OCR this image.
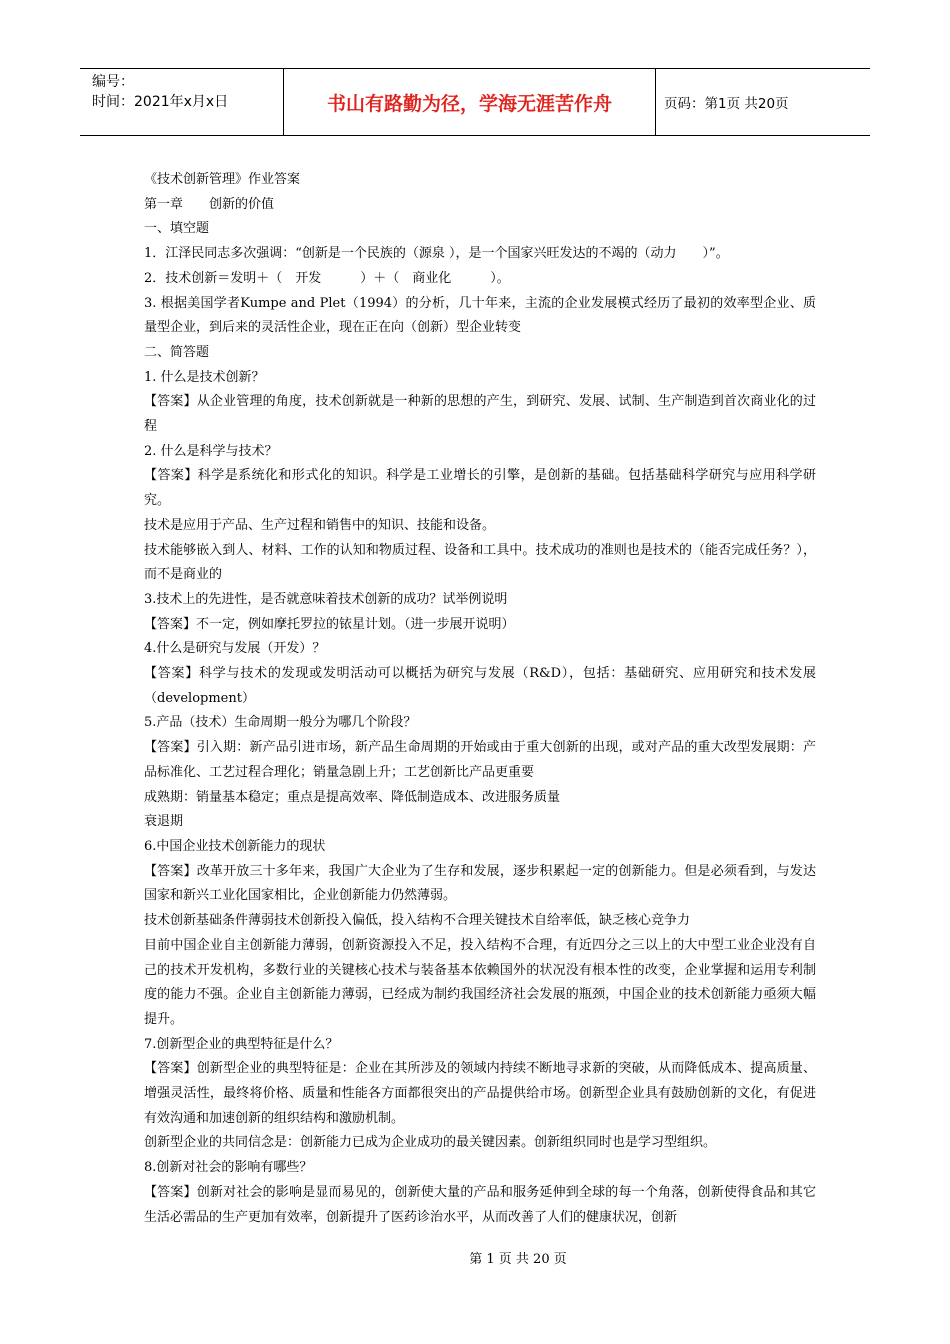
编号：
时间：2021年x月x日	书山有路勤为径，学海无涯苦作舟	页码：第1页 共20页

《技术创新管理》作业答案

第一章　　创新的价值

一、填空题

1．江泽民同志多次强调：“创新是一个民族的（源泉 ），是一个国家兴旺发达的不竭的（动力　　）”。

2．技术创新＝发明＋（　开发　　　）＋（　商业化　　　）。

3. 根据美国学者Kumpe and Plet（1994）的分析，几十年来，主流的企业发展模式经历了最初的效率型企业、质量型企业，到后来的灵活性企业，现在正在向（创新）型企业转变

二、简答题

1. 什么是技术创新？

【答案】从企业管理的角度，技术创新就是一种新的思想的产生，到研究、发展、试制、生产制造到首次商业化的过程

2. 什么是科学与技术？

【答案】科学是系统化和形式化的知识。科学是工业增长的引擎，是创新的基础。包括基础科学研究与应用科学研究。

技术是应用于产品、生产过程和销售中的知识、技能和设备。

技术能够嵌入到人、材料、工作的认知和物质过程、设备和工具中。技术成功的准则也是技术的（能否完成任务？），而不是商业的

3.技术上的先进性，是否就意味着技术创新的成功？试举例说明

【答案】不一定，例如摩托罗拉的铱星计划。（进一步展开说明）

4.什么是研究与发展（开发）？

【答案】科学与技术的发现或发明活动可以概括为研究与发展（R&D），包括：基础研究、应用研究和技术发展（development）

5.产品（技术）生命周期一般分为哪几个阶段？

【答案】引入期：新产品引进市场，新产品生命周期的开始或由于重大创新的出现，或对产品的重大改型发展期：产品标准化、工艺过程合理化；销量急剧上升；工艺创新比产品更重要

成熟期：销量基本稳定；重点是提高效率、降低制造成本、改进服务质量

衰退期

6.中国企业技术创新能力的现状

【答案】改革开放三十多年来，我国广大企业为了生存和发展，逐步积累起一定的创新能力。但是必须看到，与发达国家和新兴工业化国家相比，企业创新能力仍然薄弱。

技术创新基础条件薄弱技术创新投入偏低，投入结构不合理关键技术自给率低，缺乏核心竞争力

目前中国企业自主创新能力薄弱，创新资源投入不足，投入结构不合理，有近四分之三以上的大中型工业企业没有自己的技术开发机构，多数行业的关键核心技术与装备基本依赖国外的状况没有根本性的改变，企业掌握和运用专利制度的能力不强。企业自主创新能力薄弱，已经成为制约我国经济社会发展的瓶颈，中国企业的技术创新能力亟须大幅提升。

7.创新型企业的典型特征是什么？

【答案】创新型企业的典型特征是：企业在其所涉及的领域内持续不断地寻求新的突破，从而降低成本、提高质量、增强灵活性，最终将价格、质量和性能各方面都很突出的产品提供给市场。创新型企业具有鼓励创新的文化，有促进有效沟通和加速创新的组织结构和激励机制。

创新型企业的共同信念是：创新能力已成为企业成功的最关键因素。创新组织同时也是学习型组织。

8.创新对社会的影响有哪些？

【答案】创新对社会的影响是显而易见的，创新使大量的产品和服务延伸到全球的每一个角落，创新使得食品和其它生活必需品的生产更加有效率，创新提升了医药诊治水平，从而改善了人们的健康状况，创新

第 1 页 共 20 页
